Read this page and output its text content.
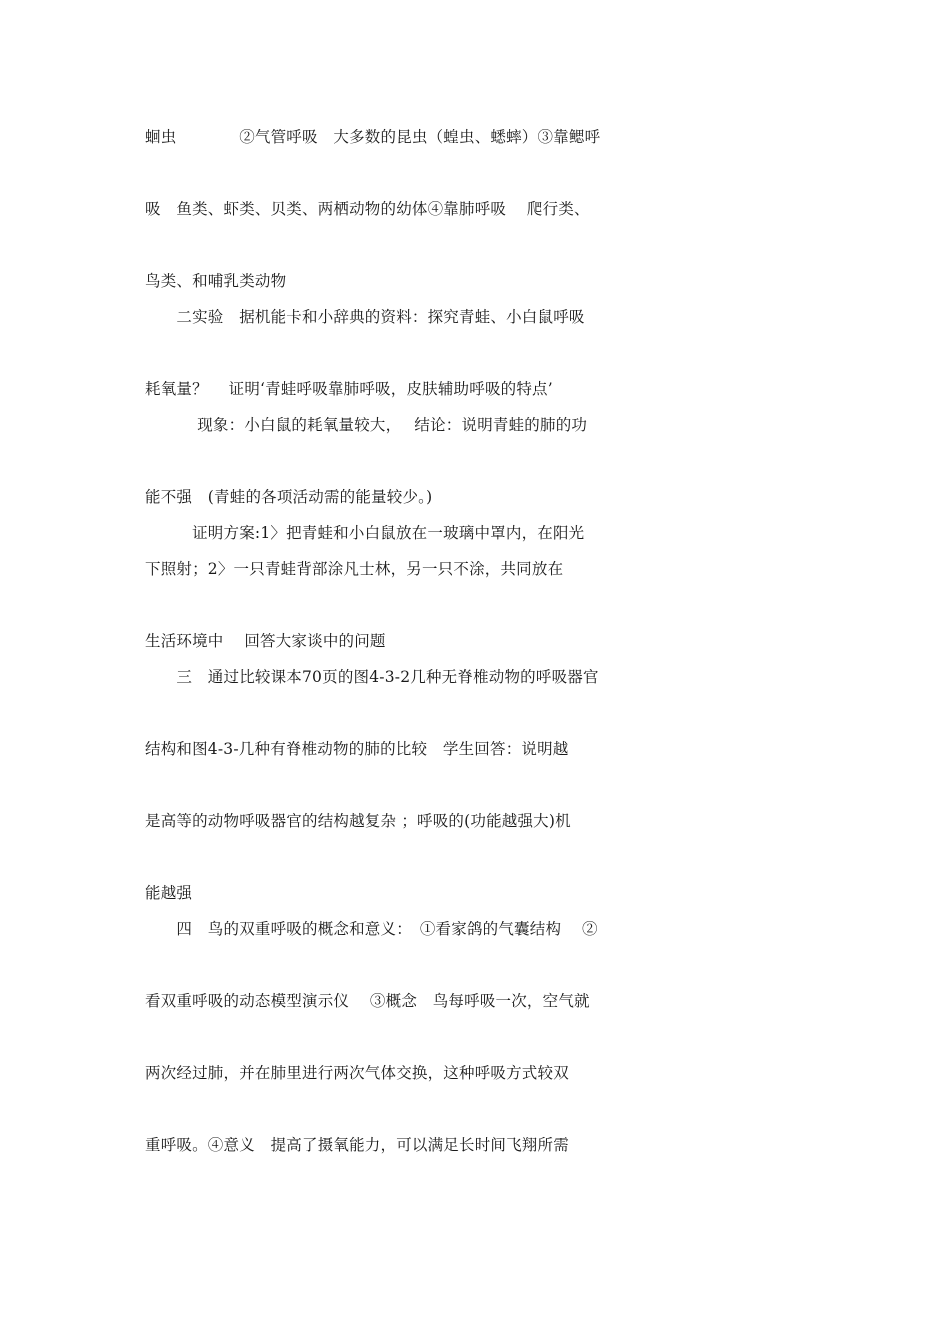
蛔虫　　　　②气管呼吸　大多数的昆虫（蝗虫、蟋蟀）③靠鳃呼
吸　鱼类、虾类、贝类、两栖动物的幼体④靠肺呼吸　 爬行类、
鸟类、和哺乳类动物
　　二实验　据机能卡和小辞典的资料：探究青蛙、小白鼠呼吸
耗氧量？　 证明‘青蛙呼吸靠肺呼吸，皮肤辅助呼吸的特点’
　　　 现象：小白鼠的耗氧量较大，　 结论：说明青蛙的肺的功
能不强　(青蛙的各项活动需的能量较少。)
　　　证明方案:1〉把青蛙和小白鼠放在一玻璃中罩内，在阳光
下照射；2〉一只青蛙背部涂凡士林，另一只不涂，共同放在
生活环境中　 回答大家谈中的问题
　　三　通过比较课本70页的图4-3-2几种无脊椎动物的呼吸器官
结构和图4-3-几种有脊椎动物的肺的比较　学生回答：说明越
是高等的动物呼吸器官的结构越复杂 ；呼吸的(功能越强大)机
能越强
　　四　鸟的双重呼吸的概念和意义：　①看家鸽的气囊结构　 ②
看双重呼吸的动态模型演示仪　 ③概念　鸟每呼吸一次，空气就
两次经过肺，并在肺里进行两次气体交换，这种呼吸方式较双
重呼吸。④意义　提高了摄氧能力，可以满足长时间飞翔所需
